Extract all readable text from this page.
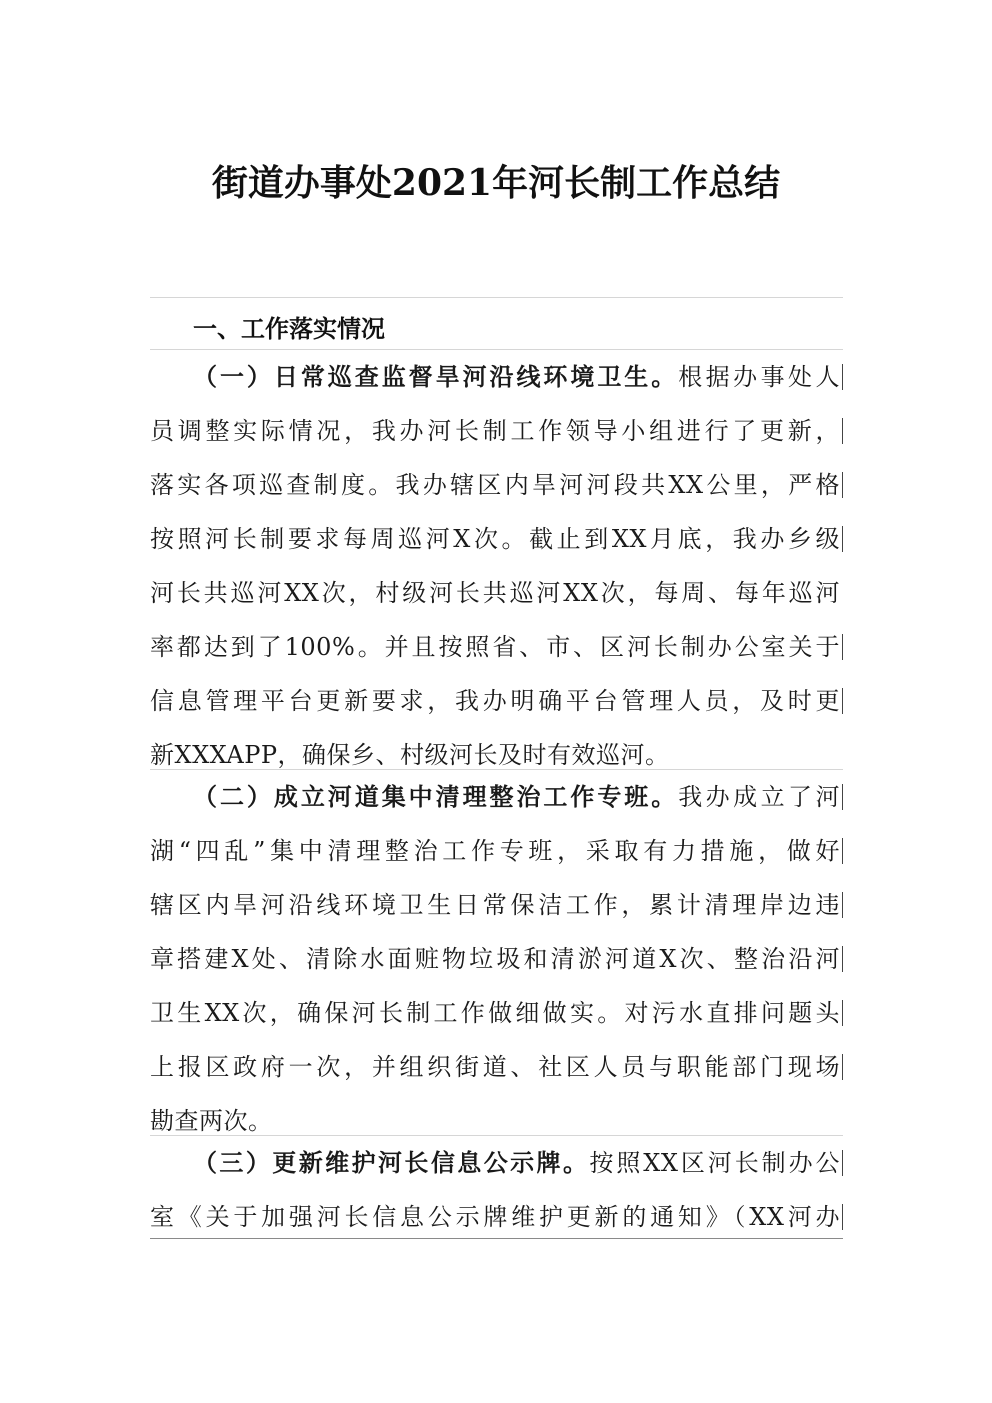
街道办事处2021年河长制工作总结
一、工作落实情况
（一）日常巡查监督旱河沿线环境卫生。根据办事处人
员调整实际情况，我办河长制工作领导小组进行了更新，
落实各项巡查制度。我办辖区内旱河河段共XX公里，严格
按照河长制要求每周巡河X次。截止到XX月底，我办乡级
河长共巡河XX次，村级河长共巡河XX次，每周、每年巡河
率都达到了100%。并且按照省、市、区河长制办公室关于
信息管理平台更新要求，我办明确平台管理人员，及时更
新XXXAPP，确保乡、村级河长及时有效巡河。
（二）成立河道集中清理整治工作专班。我办成立了河
湖“四乱”集中清理整治工作专班，采取有力措施，做好
辖区内旱河沿线环境卫生日常保洁工作，累计清理岸边违
章搭建X处、清除水面赃物垃圾和清淤河道X次、整治沿河
卫生XX次，确保河长制工作做细做实。对污水直排问题头
上报区政府一次，并组织街道、社区人员与职能部门现场
勘查两次。
（三）更新维护河长信息公示牌。按照XX区河长制办公
室《关于加强河长信息公示牌维护更新的通知》（XX河办
